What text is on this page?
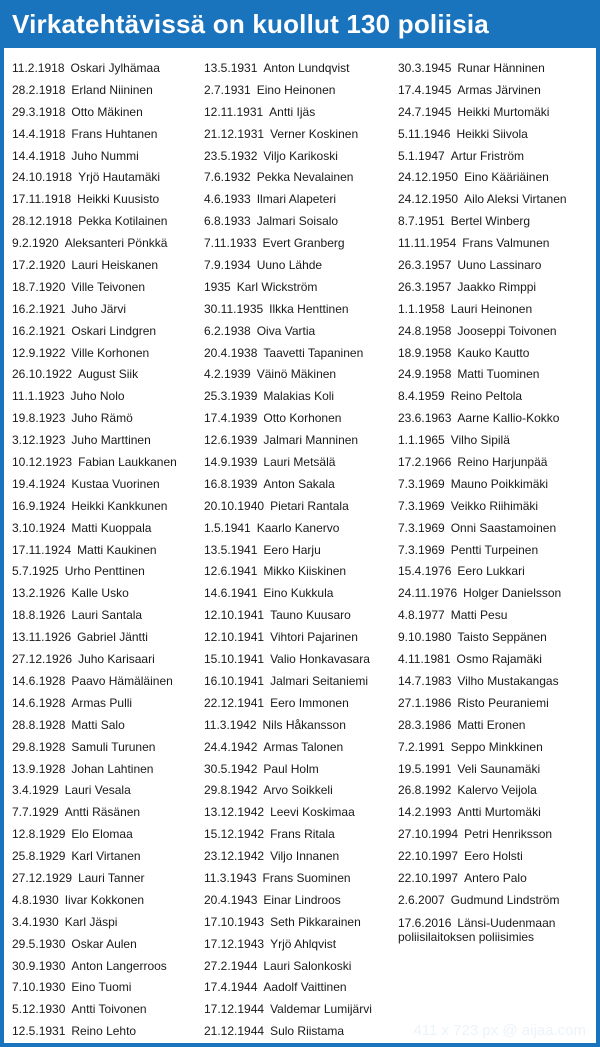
Virkatehtävissä on kuollut 130 poliisia
11.2.1918 Oskari Jylhämaa
28.2.1918 Erland Niininen
29.3.1918 Otto Mäkinen
14.4.1918 Frans Huhtanen
14.4.1918 Juho Nummi
24.10.1918 Yrjö Hautamäki
17.11.1918 Heikki Kuusisto
28.12.1918 Pekka Kotilainen
9.2.1920 Aleksanteri Pönkkä
17.2.1920 Lauri Heiskanen
18.7.1920 Ville Teivonen
16.2.1921 Juho Järvi
16.2.1921 Oskari Lindgren
12.9.1922 Ville Korhonen
26.10.1922 August Siik
11.1.1923 Juho Nolo
19.8.1923 Juho Rämö
3.12.1923 Juho Marttinen
10.12.1923 Fabian Laukkanen
19.4.1924 Kustaa Vuorinen
16.9.1924 Heikki Kankkunen
3.10.1924 Matti Kuoppala
17.11.1924 Matti Kaukinen
5.7.1925 Urho Penttinen
13.2.1926 Kalle Usko
18.8.1926 Lauri Santala
13.11.1926 Gabriel Jäntti
27.12.1926 Juho Karisaari
14.6.1928 Paavo Hämäläinen
14.6.1928 Armas Pulli
28.8.1928 Matti Salo
29.8.1928 Samuli Turunen
13.9.1928 Johan Lahtinen
3.4.1929 Lauri Vesala
7.7.1929 Antti Räsänen
12.8.1929 Elo Elomaa
25.8.1929 Karl Virtanen
27.12.1929 Lauri Tanner
4.8.1930 Iivar Kokkonen
3.4.1930 Karl Jäspi
29.5.1930 Oskar Aulen
30.9.1930 Anton Langerroos
7.10.1930 Eino Tuomi
5.12.1930 Antti Toivonen
12.5.1931 Reino Lehto
13.5.1931 Anton Lundqvist
2.7.1931 Eino Heinonen
12.11.1931 Antti Ijäs
21.12.1931 Verner Koskinen
23.5.1932 Viljo Karikoski
7.6.1932 Pekka Nevalainen
4.6.1933 Ilmari Alapeteri
6.8.1933 Jalmari Soisalo
7.11.1933 Evert Granberg
7.9.1934 Uuno Lähde
1935 Karl Wickström
30.11.1935 Ilkka Henttinen
6.2.1938 Oiva Vartia
20.4.1938 Taavetti Tapaninen
4.2.1939 Väinö Mäkinen
25.3.1939 Malakias Koli
17.4.1939 Otto Korhonen
12.6.1939 Jalmari Manninen
14.9.1939 Lauri Metsälä
16.8.1939 Anton Sakala
20.10.1940 Pietari Rantala
1.5.1941 Kaarlo Kanervo
13.5.1941 Eero Harju
12.6.1941 Mikko Kiiskinen
14.6.1941 Eino Kukkula
12.10.1941 Tauno Kuusaro
12.10.1941 Vihtori Pajarinen
15.10.1941 Valio Honkavasara
16.10.1941 Jalmari Seitaniemi
22.12.1941 Eero Immonen
11.3.1942 Nils Håkansson
24.4.1942 Armas Talonen
30.5.1942 Paul Holm
29.8.1942 Arvo Soikkeli
13.12.1942 Leevi Koskimaa
15.12.1942 Frans Ritala
23.12.1942 Viljo Innanen
11.3.1943 Frans Suominen
20.4.1943 Einar Lindroos
17.10.1943 Seth Pikkarainen
17.12.1943 Yrjö Ahlqvist
27.2.1944 Lauri Salonkoski
17.4.1944 Aadolf Vaittinen
17.12.1944 Valdemar Lumijärvi
21.12.1944 Sulo Riistama
30.3.1945 Runar Hänninen
17.4.1945 Armas Järvinen
24.7.1945 Heikki Murtomäki
5.11.1946 Heikki Siivola
5.1.1947 Artur Friström
24.12.1950 Eino Kääriäinen
24.12.1950 Ailo Aleksi Virtanen
8.7.1951 Bertel Winberg
11.11.1954 Frans Valmunen
26.3.1957 Uuno Lassinaro
26.3.1957 Jaakko Rimppi
1.1.1958 Lauri Heinonen
24.8.1958 Jooseppi Toivonen
18.9.1958 Kauko Kautto
24.9.1958 Matti Tuominen
8.4.1959 Reino Peltola
23.6.1963 Aarne Kallio-Kokko
1.1.1965 Vilho Sipilä
17.2.1966 Reino Harjunpää
7.3.1969 Mauno Poikkimäki
7.3.1969 Veikko Riihimäki
7.3.1969 Onni Saastamoinen
7.3.1969 Pentti Turpeinen
15.4.1976 Eero Lukkari
24.11.1976 Holger Danielsson
4.8.1977 Matti Pesu
9.10.1980 Taisto Seppänen
4.11.1981 Osmo Rajamäki
14.7.1983 Vilho Mustakangas
27.1.1986 Risto Peuraniemi
28.3.1986 Matti Eronen
7.2.1991 Seppo Minkkinen
19.5.1991 Veli Saunamäki
26.8.1992 Kalervo Veijola
14.2.1993 Antti Murtomäki
27.10.1994 Petri Henriksson
22.10.1997 Eero Holsti
22.10.1997 Antero Palo
2.6.2007 Gudmund Lindström
17.6.2016 Länsi-Uudenmaan poliisilaitoksen poliisimies
411 x 723 px @ aijaa.com
